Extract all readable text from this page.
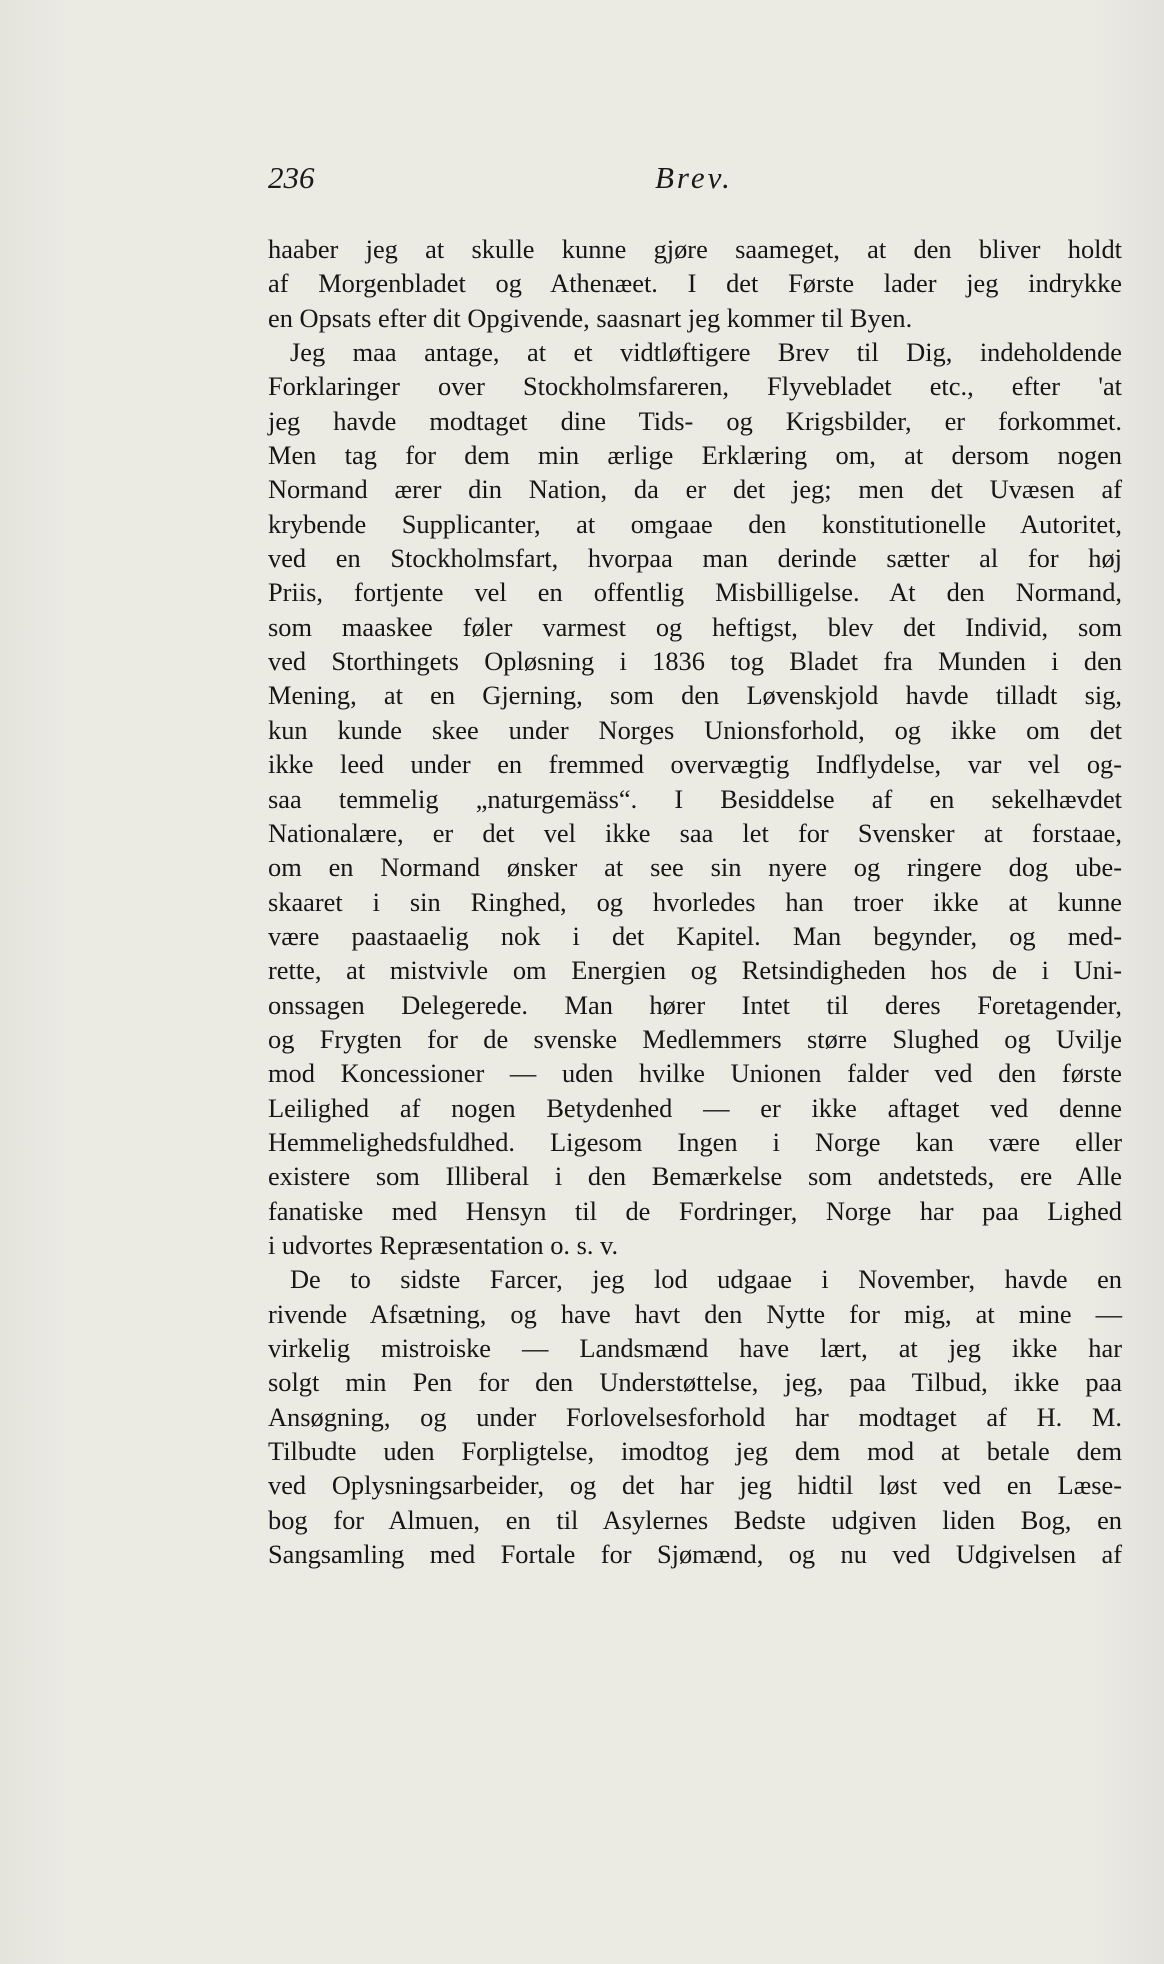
236	Brev.
haaber jeg at skulle kunne gjøre saameget, at den bliver holdt
af Morgenbladet og Athenæet. I det Første lader jeg indrykke
en Opsats efter dit Opgivende, saasnart jeg kommer til Byen.
Jeg maa antage, at et vidtløftigere Brev til Dig, indeholdende
Forklaringer over Stockholmsfareren, Flyvebladet etc., efter 'at
jeg havde modtaget dine Tids- og Krigsbilder, er forkommet.
Men tag for dem min ærlige Erklæring om, at dersom nogen
Normand ærer din Nation, da er det jeg; men det Uvæsen af
krybende Supplicanter, at omgaae den konstitutionelle Autoritet,
ved en Stockholmsfart, hvorpaa man derinde sætter al for høj
Priis, fortjente vel en offentlig Misbilligelse. At den Normand,
som maaskee føler varmest og heftigst, blev det Individ, som
ved Storthingets Opløsning i 1836 tog Bladet fra Munden i den
Mening, at en Gjerning, som den Løvenskjold havde tilladt sig,
kun kunde skee under Norges Unionsforhold, og ikke om det
ikke leed under en fremmed overvægtig Indflydelse, var vel og-
saa temmelig „naturgemäss“. I Besiddelse af en sekelhævdet
Nationalære, er det vel ikke saa let for Svensker at forstaae,
om en Normand ønsker at see sin nyere og ringere dog ube-
skaaret i sin Ringhed, og hvorledes han troer ikke at kunne
være paastaaelig nok i det Kapitel. Man begynder, og med-
rette, at mistvivle om Energien og Retsindigheden hos de i Uni-
onssagen Delegerede. Man hører Intet til deres Foretagender,
og Frygten for de svenske Medlemmers større Slughed og Uvilje
mod Koncessioner — uden hvilke Unionen falder ved den første
Leilighed af nogen Betydenhed — er ikke aftaget ved denne
Hemmelighedsfuldhed. Ligesom Ingen i Norge kan være eller
existere som Illiberal i den Bemærkelse som andetsteds, ere Alle
fanatiske med Hensyn til de Fordringer, Norge har paa Lighed
i udvortes Repræsentation o. s. v.
De to sidste Farcer, jeg lod udgaae i November, havde en
rivende Afsætning, og have havt den Nytte for mig, at mine —
virkelig mistroiske — Landsmænd have lært, at jeg ikke har
solgt min Pen for den Understøttelse, jeg, paa Tilbud, ikke paa
Ansøgning, og under Forlovelsesforhold har modtaget af H. M.
Tilbudte uden Forpligtelse, imodtog jeg dem mod at betale dem
ved Oplysningsarbeider, og det har jeg hidtil løst ved en Læse-
bog for Almuen, en til Asylernes Bedste udgiven liden Bog, en
Sangsamling med Fortale for Sjømænd, og nu ved Udgivelsen af
